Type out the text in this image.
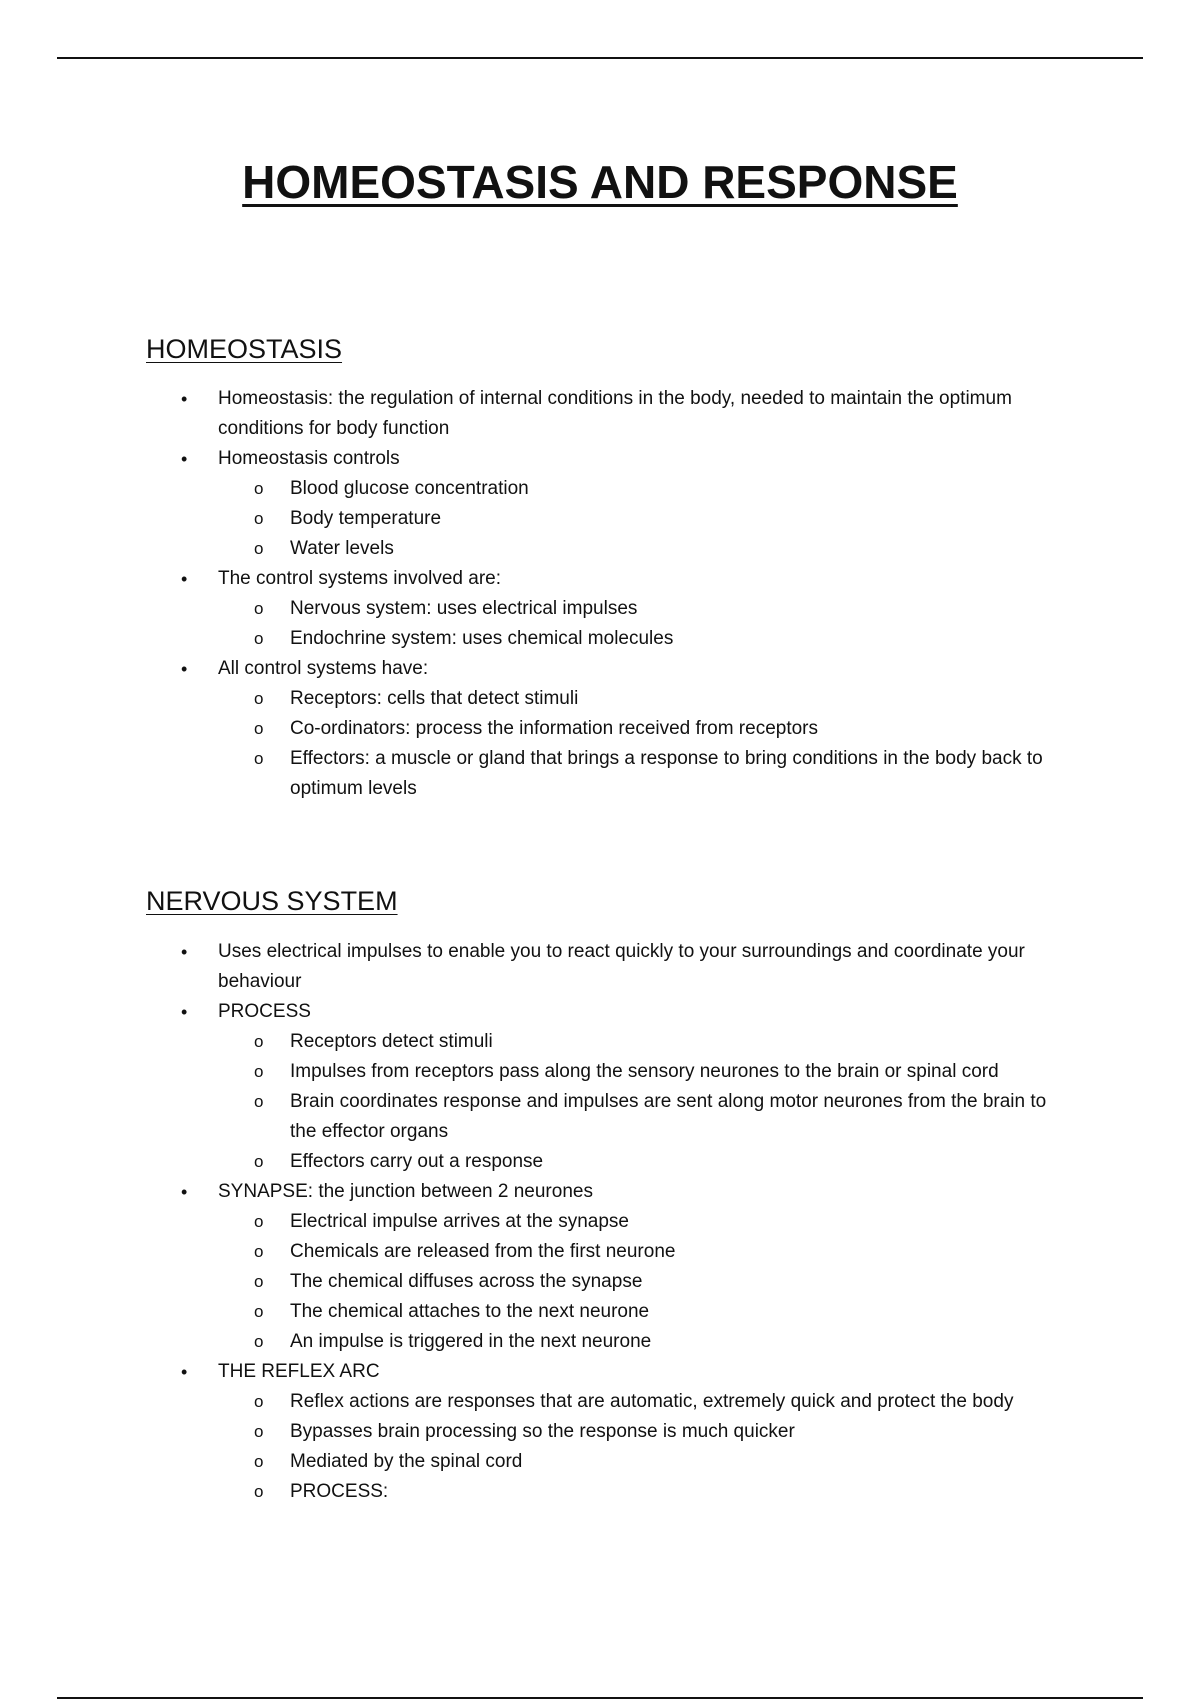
HOMEOSTASIS AND RESPONSE
HOMEOSTASIS
• Homeostasis: the regulation of internal conditions in the body, needed to maintain the optimum conditions for body function
• Homeostasis controls
o Blood glucose concentration
o Body temperature
o Water levels
• The control systems involved are:
o Nervous system: uses electrical impulses
o Endochrine system: uses chemical molecules
• All control systems have:
o Receptors: cells that detect stimuli
o Co-ordinators: process the information received from receptors
o Effectors: a muscle or gland that brings a response to bring conditions in the body back to optimum levels
NERVOUS SYSTEM
• Uses electrical impulses to enable you to react quickly to your surroundings and coordinate your behaviour
• PROCESS
o Receptors detect stimuli
o Impulses from receptors pass along the sensory neurones to the brain or spinal cord
o Brain coordinates response and impulses are sent along motor neurones from the brain to the effector organs
o Effectors carry out a response
• SYNAPSE: the junction between 2 neurones
o Electrical impulse arrives at the synapse
o Chemicals are released from the first neurone
o The chemical diffuses across the synapse
o The chemical attaches to the next neurone
o An impulse is triggered in the next neurone
• THE REFLEX ARC
o Reflex actions are responses that are automatic, extremely quick and protect the body
o Bypasses brain processing so the response is much quicker
o Mediated by the spinal cord
o PROCESS:
